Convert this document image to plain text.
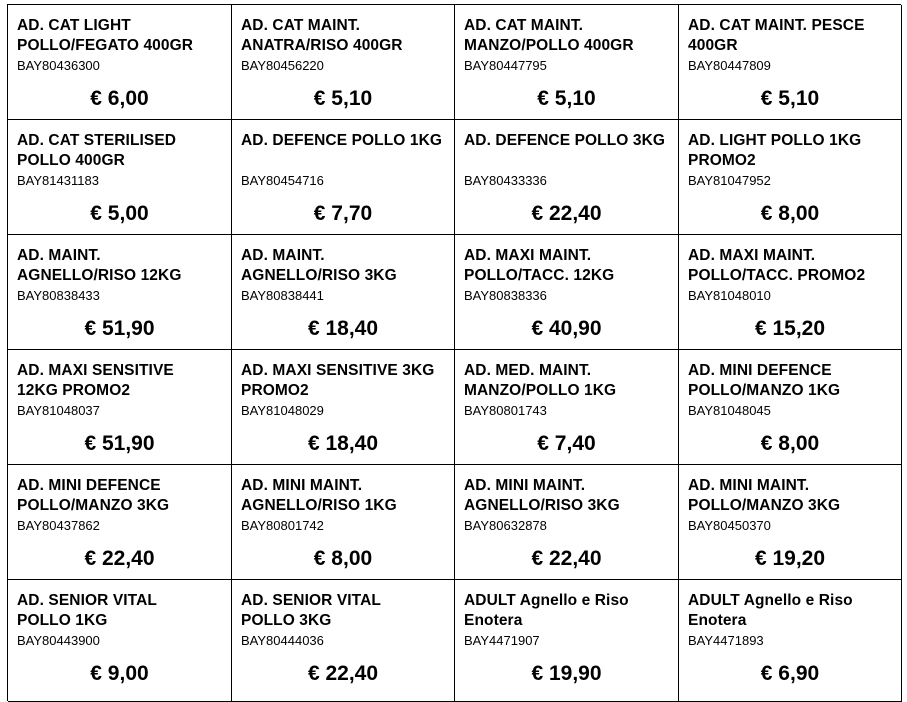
AD. CAT LIGHT
POLLO/FEGATO 400GR
BAY80436300
€ 6,00
AD. CAT MAINT.
ANATRA/RISO 400GR
BAY80456220
€ 5,10
AD. CAT MAINT.
MANZO/POLLO 400GR
BAY80447795
€ 5,10
AD. CAT MAINT. PESCE
400GR
BAY80447809
€ 5,10
AD. CAT STERILISED
POLLO 400GR
BAY81431183
€ 5,00
AD. DEFENCE POLLO 1KG
BAY80454716
€ 7,70
AD. DEFENCE POLLO 3KG
BAY80433336
€ 22,40
AD. LIGHT POLLO 1KG
PROMO2
BAY81047952
€ 8,00
AD. MAINT.
AGNELLO/RISO 12KG
BAY80838433
€ 51,90
AD. MAINT.
AGNELLO/RISO 3KG
BAY80838441
€ 18,40
AD. MAXI MAINT.
POLLO/TACC. 12KG
BAY80838336
€ 40,90
AD. MAXI MAINT.
POLLO/TACC. PROMO2
BAY81048010
€ 15,20
AD. MAXI SENSITIVE
12KG PROMO2
BAY81048037
€ 51,90
AD. MAXI SENSITIVE 3KG
PROMO2
BAY81048029
€ 18,40
AD. MED. MAINT.
MANZO/POLLO 1KG
BAY80801743
€ 7,40
AD. MINI DEFENCE
POLLO/MANZO 1KG
BAY81048045
€ 8,00
AD. MINI DEFENCE
POLLO/MANZO 3KG
BAY80437862
€ 22,40
AD. MINI MAINT.
AGNELLO/RISO 1KG
BAY80801742
€ 8,00
AD. MINI MAINT.
AGNELLO/RISO 3KG
BAY80632878
€ 22,40
AD. MINI MAINT.
POLLO/MANZO 3KG
BAY80450370
€ 19,20
AD. SENIOR VITAL
POLLO 1KG
BAY80443900
€ 9,00
AD. SENIOR VITAL
POLLO 3KG
BAY80444036
€ 22,40
ADULT Agnello e Riso
Enotera
BAY4471907
€ 19,90
ADULT Agnello e Riso
Enotera
BAY4471893
€ 6,90
